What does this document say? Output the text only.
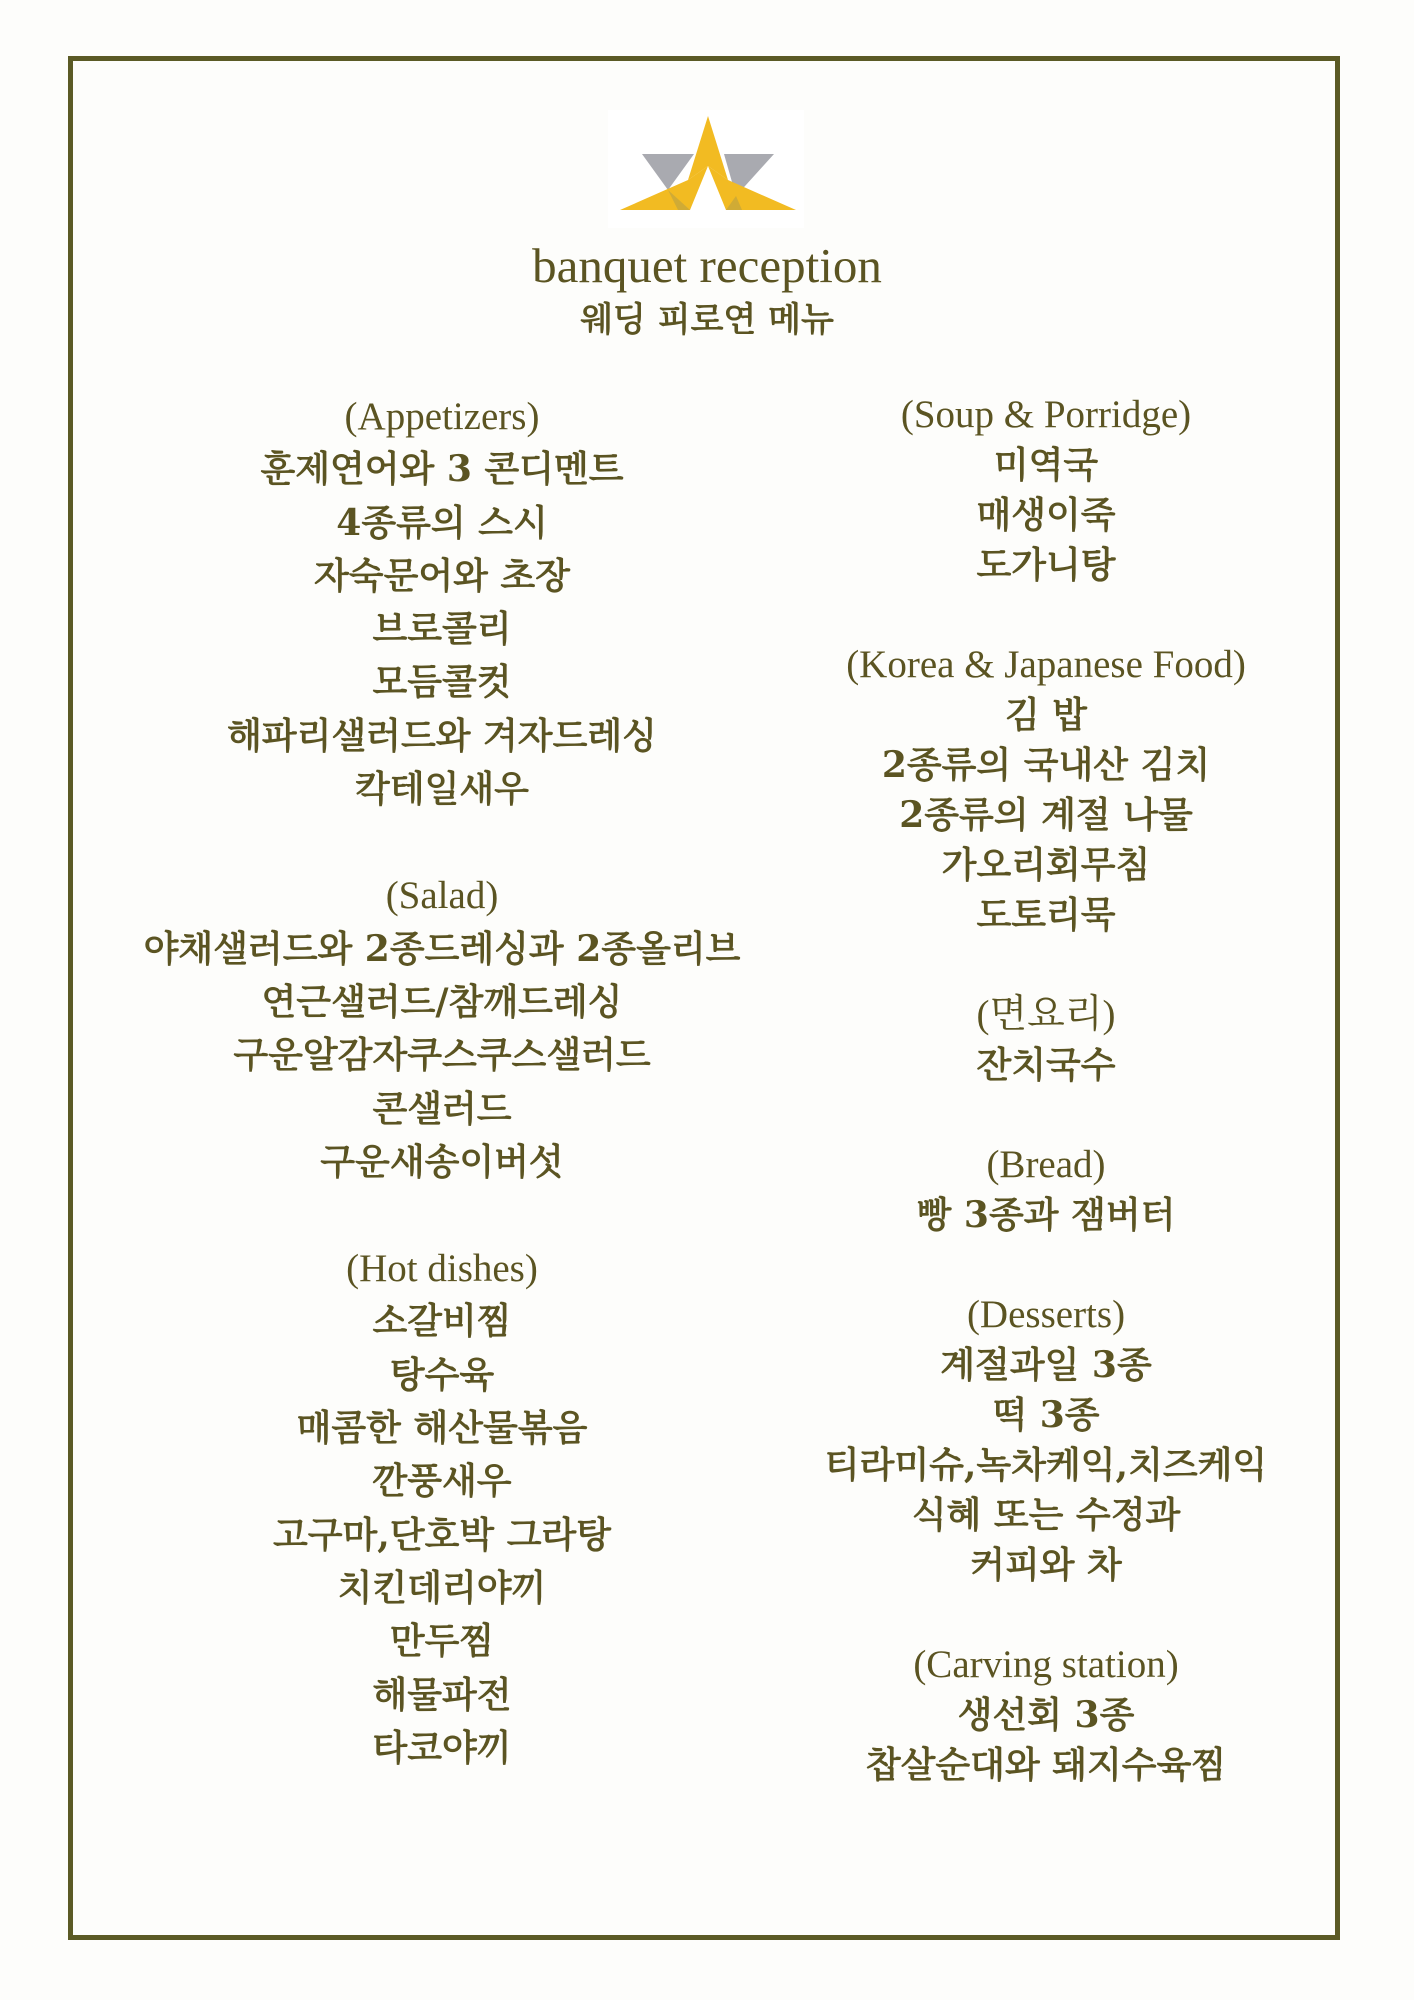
banquet reception
웨딩 피로연 메뉴

(Appetizers)

훈제연어와 3 콘디멘트

4종류의 스시

자숙문어와 초장

브로콜리

모듬콜컷

해파리샐러드와 겨자드레싱

칵테일새우

(Salad)

야채샐러드와 2종드레싱과 2종올리브

연근샐러드/참깨드레싱

구운알감자쿠스쿠스샐러드

콘샐러드

구운새송이버섯

(Hot dishes)

소갈비찜

탕수육

매콤한 해산물볶음

깐풍새우

고구마,단호박 그라탕

치킨데리야끼

만두찜

해물파전

타코야끼

(Soup & Porridge)

미역국

매생이죽

도가니탕

(Korea & Japanese Food)

김 밥

2종류의 국내산 김치

2종류의 계절 나물

가오리회무침

도토리묵

(면요리)

잔치국수

(Bread)

빵 3종과 잼버터

(Desserts)

계절과일 3종

떡 3종

티라미슈,녹차케익,치즈케익

식혜 또는 수정과

커피와 차

(Carving station)

생선회 3종

찹살순대와 돼지수육찜
